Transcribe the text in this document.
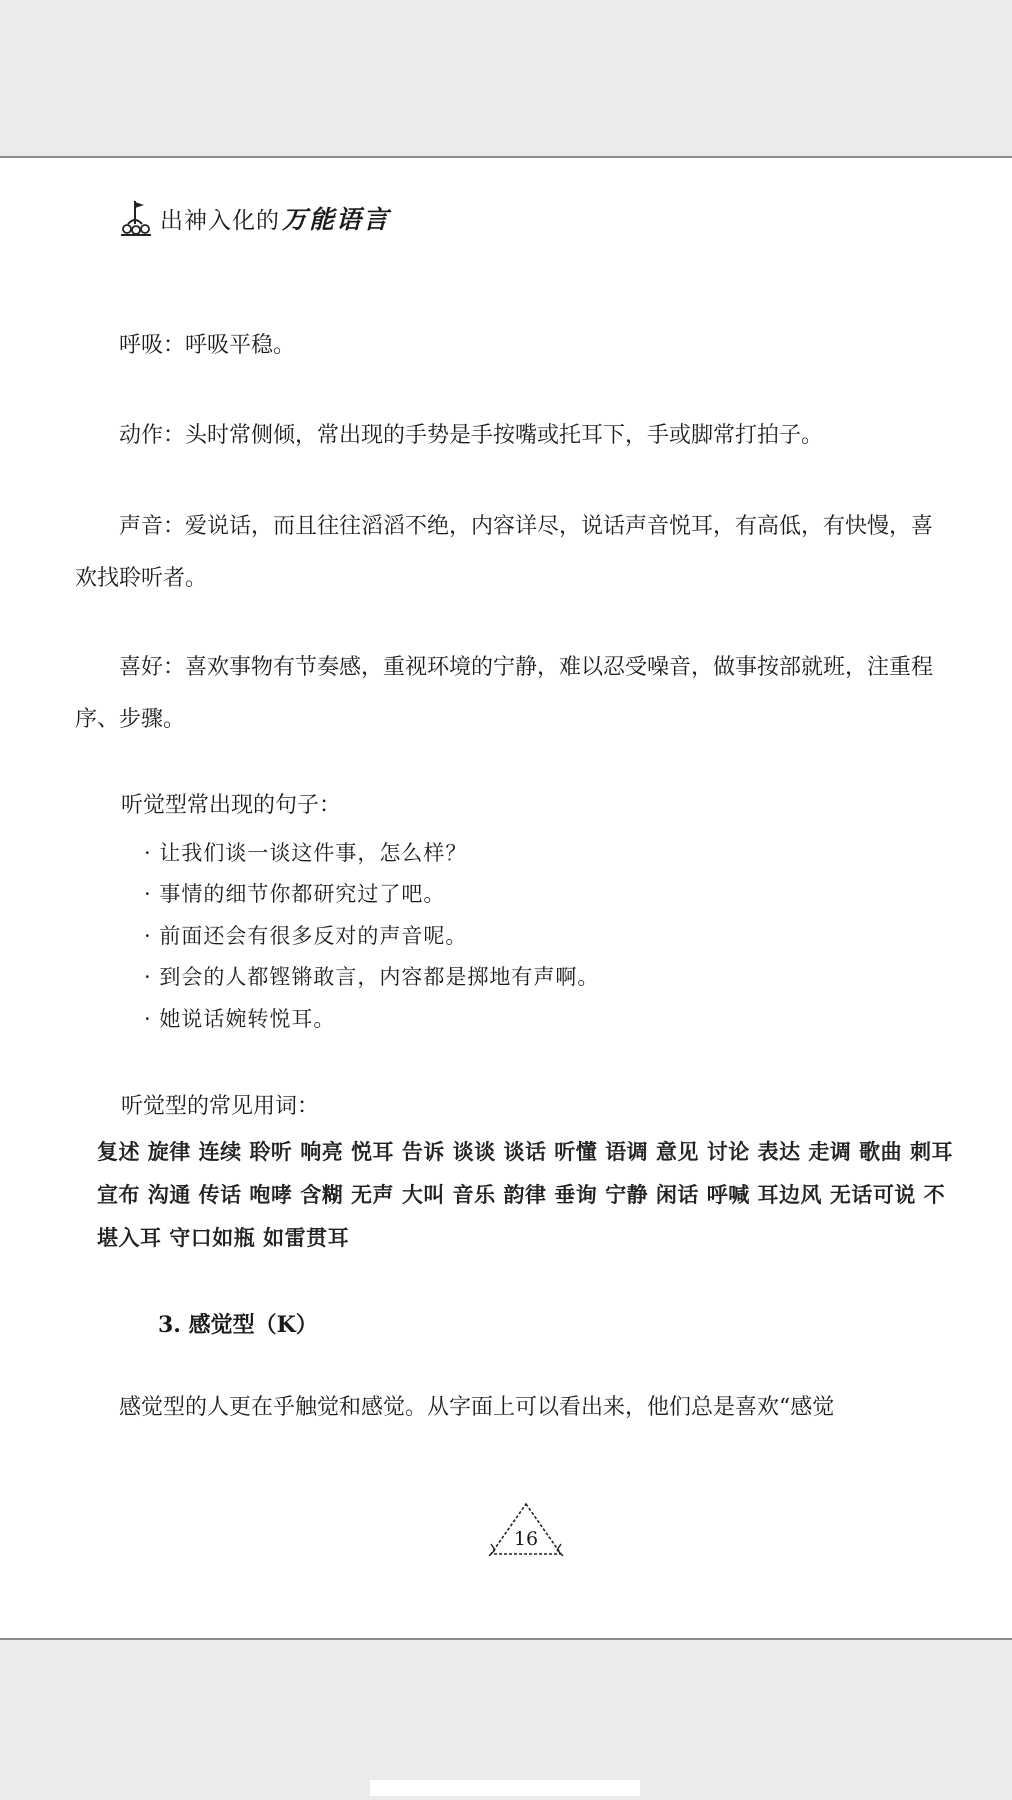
出神入化的 万能语言

呼吸：呼吸平稳。

动作：头时常侧倾，常出现的手势是手按嘴或托耳下，手或脚常打拍子。

声音：爱说话，而且往往滔滔不绝，内容详尽，说话声音悦耳，有高低，有快慢，喜欢找聆听者。

喜好：喜欢事物有节奏感，重视环境的宁静，难以忍受噪音，做事按部就班，注重程序、步骤。

听觉型常出现的句子：

· 让我们谈一谈这件事，怎么样？

· 事情的细节你都研究过了吧。

· 前面还会有很多反对的声音呢。

· 到会的人都铿锵敢言，内容都是掷地有声啊。

· 她说话婉转悦耳。

听觉型的常见用词：

复述 旋律 连续 聆听 响亮 悦耳 告诉 谈谈 谈话 听懂 语调 意见 讨论 表达 走调 歌曲 刺耳 宣布 沟通 传话 咆哮 含糊 无声 大叫 音乐 韵律 垂询 宁静 闲话 呼喊 耳边风 无话可说 不堪入耳 守口如瓶 如雷贯耳

3. 感觉型（K）

感觉型的人更在乎触觉和感觉。从字面上可以看出来，他们总是喜欢“感觉

16
